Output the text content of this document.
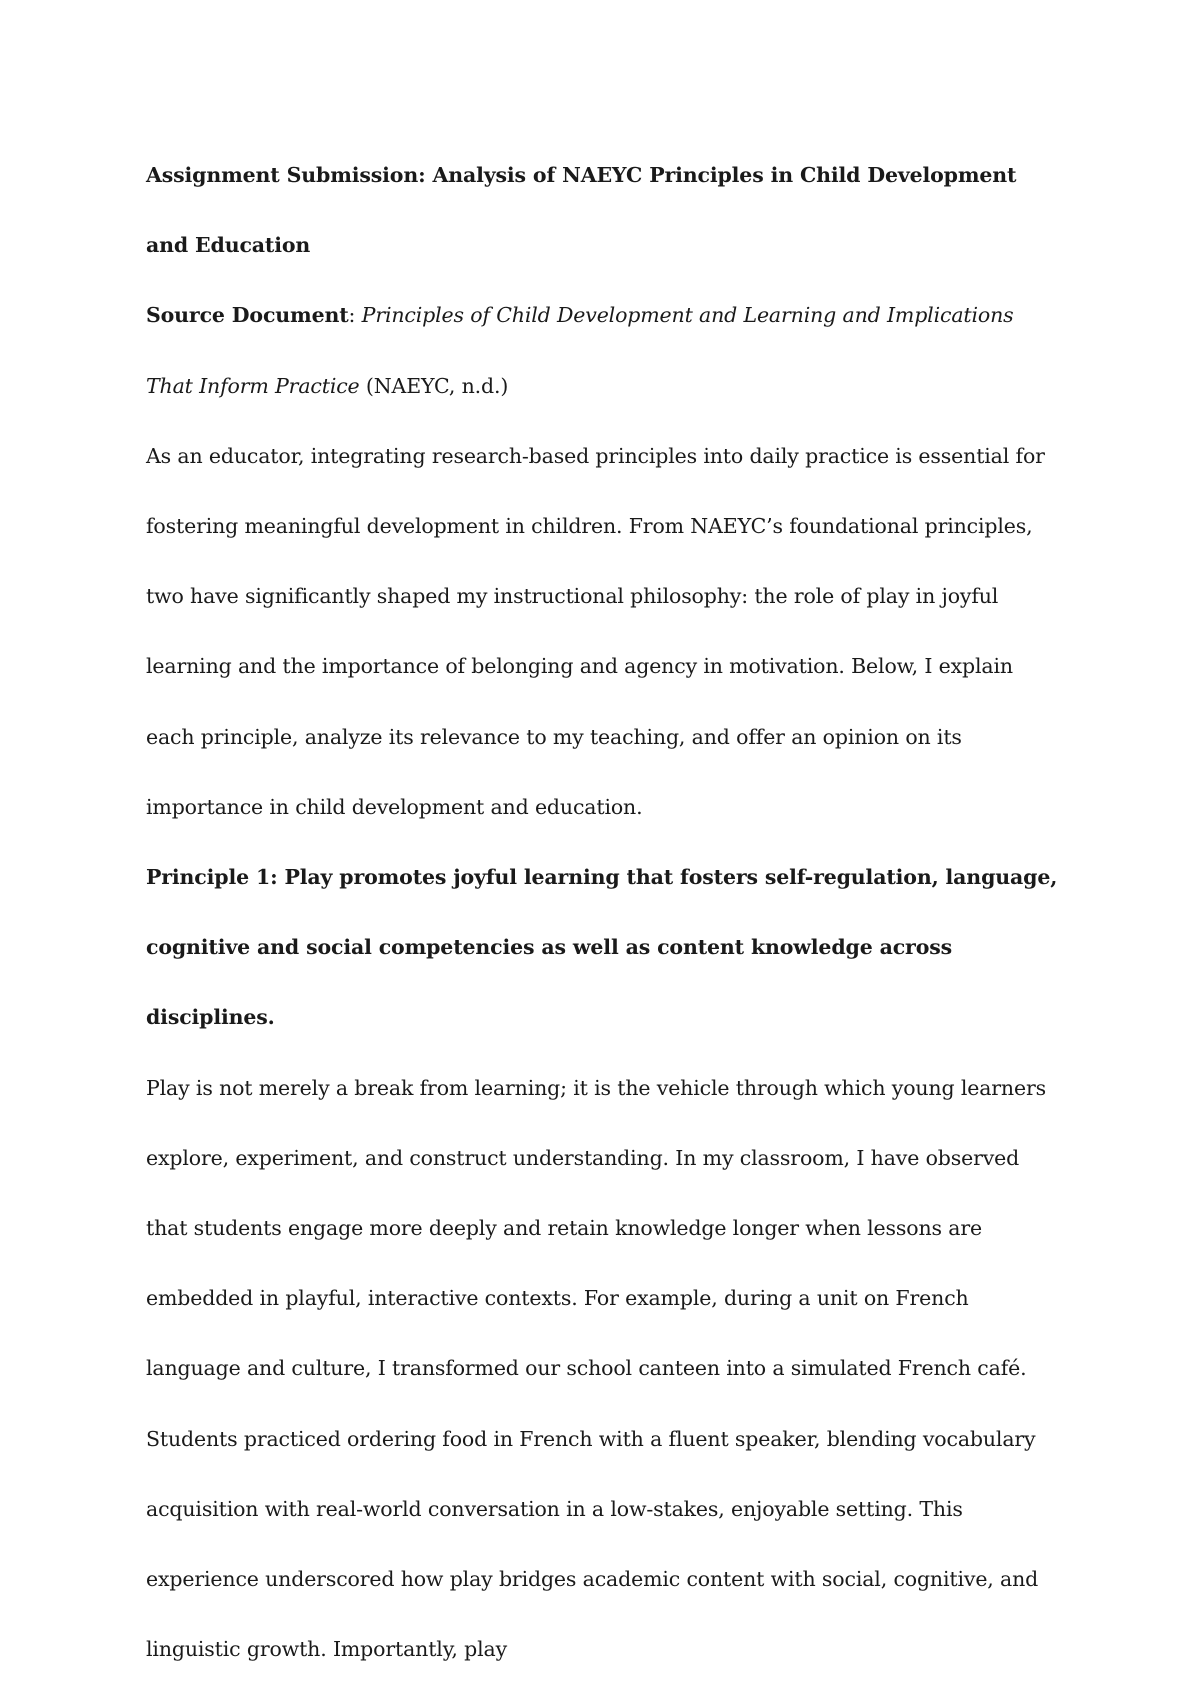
Assignment Submission: Analysis of NAEYC Principles in Child Development and Education

Source Document: Principles of Child Development and Learning and Implications That Inform Practice (NAEYC, n.d.)

As an educator, integrating research-based principles into daily practice is essential for fostering meaningful development in children. From NAEYC’s foundational principles, two have significantly shaped my instructional philosophy: the role of play in joyful learning and the importance of belonging and agency in motivation. Below, I explain each principle, analyze its relevance to my teaching, and offer an opinion on its importance in child development and education.

Principle 1: Play promotes joyful learning that fosters self-regulation, language, cognitive and social competencies as well as content knowledge across disciplines.

Play is not merely a break from learning; it is the vehicle through which young learners explore, experiment, and construct understanding. In my classroom, I have observed that students engage more deeply and retain knowledge longer when lessons are embedded in playful, interactive contexts. For example, during a unit on French language and culture, I transformed our school canteen into a simulated French café. Students practiced ordering food in French with a fluent speaker, blending vocabulary acquisition with real-world conversation in a low-stakes, enjoyable setting. This experience underscored how play bridges academic content with social, cognitive, and linguistic growth. Importantly, play
